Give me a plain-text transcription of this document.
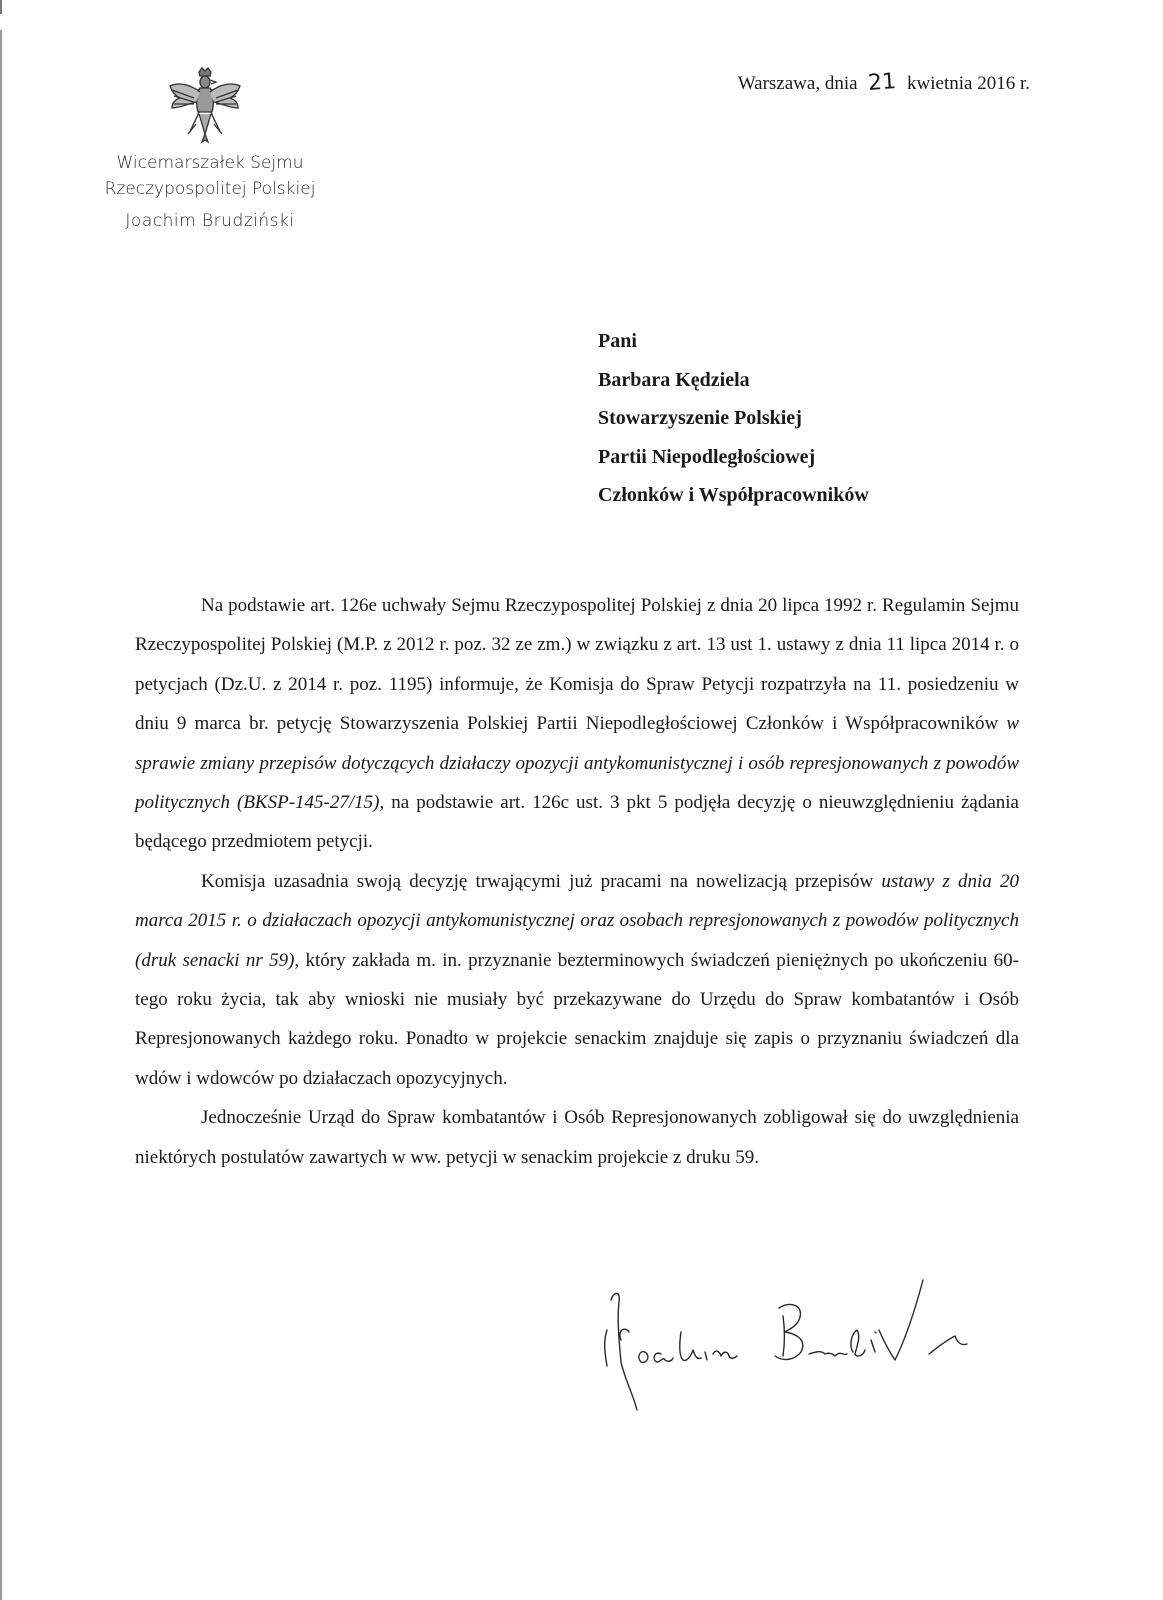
Wicemarszałek Sejmu
Rzeczypospolitej Polskiej
Joachim Brudziński
Warszawa, dnia 21 kwietnia 2016 r.
Pani
Barbara Kędziela
Stowarzyszenie Polskiej
Partii Niepodległościowej
Członków i Współpracowników

Na podstawie art. 126e uchwały Sejmu Rzeczypospolitej Polskiej z dnia 20 lipca 1992 r. Regulamin Sejmu Rzeczypospolitej Polskiej (M.P. z 2012 r. poz. 32 ze zm.) w związku z art. 13 ust 1. ustawy z dnia 11 lipca 2014 r. o petycjach (Dz.U. z 2014 r. poz. 1195) informuje, że Komisja do Spraw Petycji rozpatrzyła na 11. posiedzeniu w dniu 9 marca br. petycję Stowarzyszenia Polskiej Partii Niepodległościowej Członków i Współpracowników w sprawie zmiany przepisów dotyczących działaczy opozycji antykomunistycznej i osób represjonowanych z powodów politycznych (BKSP-145-27/15), na podstawie art. 126c ust. 3 pkt 5 podjęła decyzję o nieuwzględnieniu żądania będącego przedmiotem petycji.

Komisja uzasadnia swoją decyzję trwającymi już pracami na nowelizacją przepisów ustawy z dnia 20 marca 2015 r. o działaczach opozycji antykomunistycznej oraz osobach represjonowanych z powodów politycznych (druk senacki nr 59), który zakłada m. in. przyznanie bezterminowych świadczeń pieniężnych po ukończeniu 60-tego roku życia, tak aby wnioski nie musiały być przekazywane do Urzędu do Spraw kombatantów i Osób Represjonowanych każdego roku. Ponadto w projekcie senackim znajduje się zapis o przyznaniu świadczeń dla wdów i wdowców po działaczach opozycyjnych.

Jednocześnie Urząd do Spraw kombatantów i Osób Represjonowanych zobligował się do uwzględnienia niektórych postulatów zawartych w ww. petycji w senackim projekcie z druku 59.
